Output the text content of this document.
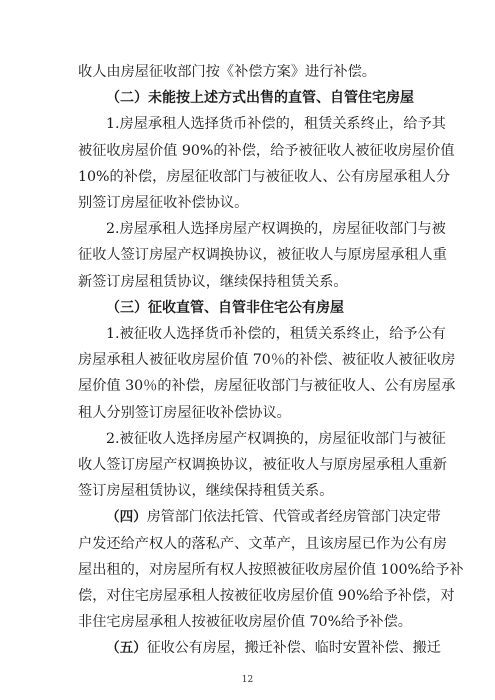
12
收人由房屋征收部门按《补偿方案》进行补偿。
（二）未能按上述方式出售的直管、自管住宅房屋
1.房屋承租人选择货币补偿的，租赁关系终止，给予其
被征收房屋价值 90%的补偿，给予被征收人被征收房屋价值
10%的补偿，房屋征收部门与被征收人、公有房屋承租人分
别签订房屋征收补偿协议。
2.房屋承租人选择房屋产权调换的，房屋征收部门与被
征收人签订房屋产权调换协议，被征收人与原房屋承租人重
新签订房屋租赁协议，继续保持租赁关系。
（三）征收直管、自管非住宅公有房屋
1.被征收人选择货币补偿的，租赁关系终止，给予公有
房屋承租人被征收房屋价值 70％的补偿、被征收人被征收房
屋价值 30％的补偿，房屋征收部门与被征收人、公有房屋承
租人分别签订房屋征收补偿协议。
2.被征收人选择房屋产权调换的，房屋征收部门与被征
收人签订房屋产权调换协议，被征收人与原房屋承租人重新
签订房屋租赁协议，继续保持租赁关系。
（四）房管部门依法托管、代管或者经房管部门决定带
户发还给产权人的落私产、文革产，且该房屋已作为公有房
屋出租的，对房屋所有权人按照被征收房屋价值 100%给予补
偿，对住宅房屋承租人按被征收房屋价值 90%给予补偿，对
非住宅房屋承租人按被征收房屋价值 70%给予补偿。
（五）征收公有房屋，搬迁补偿、临时安置补偿、搬迁
